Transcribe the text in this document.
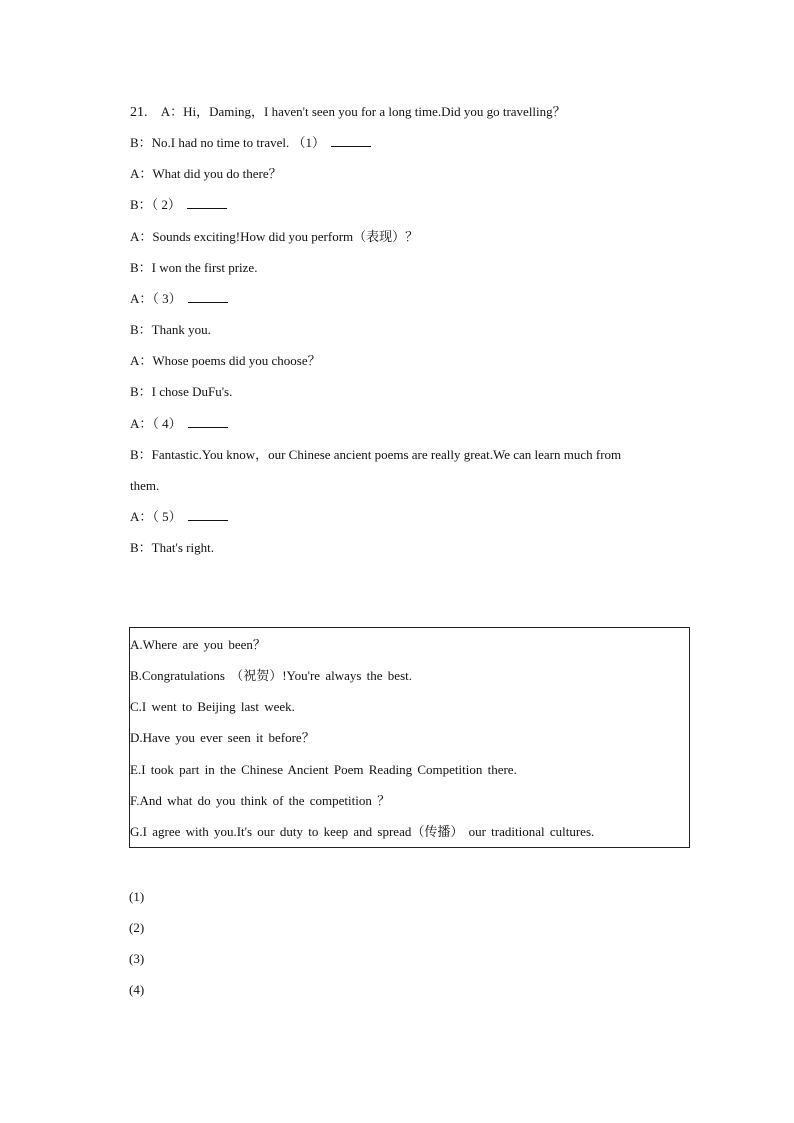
21. A：Hi，Daming，I haven't seen you for a long time.Did you go travelling？
B：No.I had no time to travel. （1）
A：What did you do there？
B：（ 2）
A：Sounds exciting!How did you perform（表现）？
B：I won the first prize.
A：（ 3）
B：Thank you.
A：Whose poems did you choose？
B：I chose DuFu's.
A：（ 4）
B：Fantastic.You know，our Chinese ancient poems are really great.We can learn much from
them.
A：（ 5）
B：That's right.
A.Where are you been？
B.Congratulations （祝贺）!You're always the best.
C.I went to Beijing last week.
D.Have you ever seen it before？
E.I took part in the Chinese Ancient Poem Reading Competition there.
F.And what do you think of the competition ？
G.I agree with you.It's our duty to keep and spread（传播） our traditional cultures.
(1)
(2)
(3)
(4)
